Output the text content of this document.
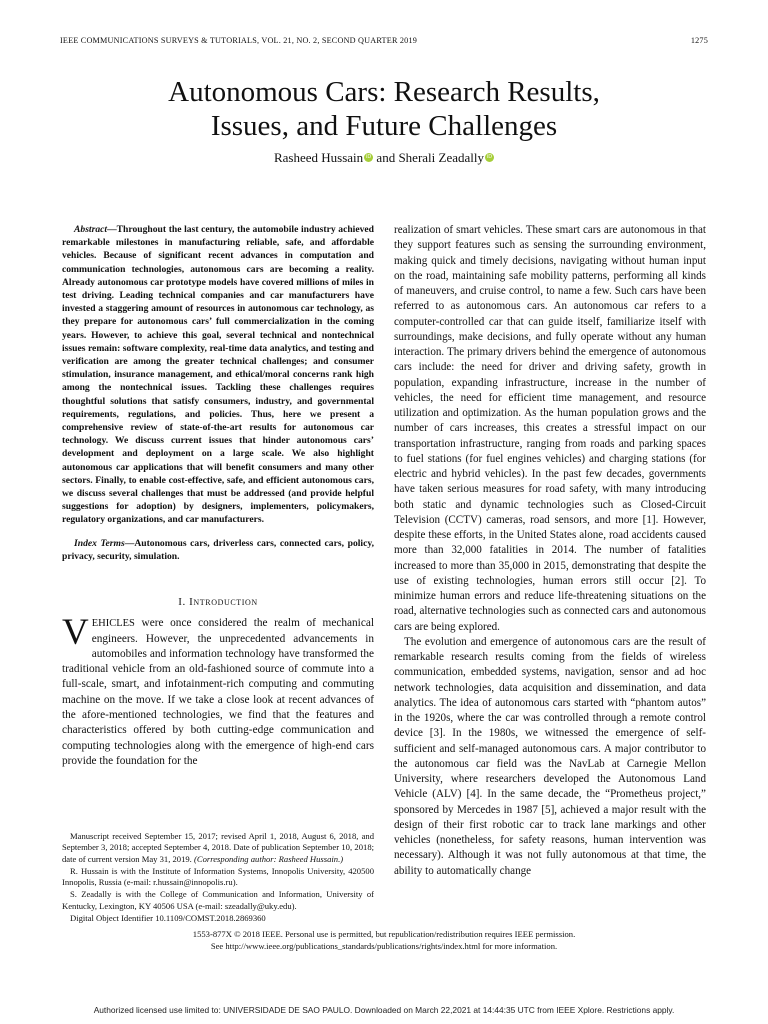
IEEE COMMUNICATIONS SURVEYS & TUTORIALS, VOL. 21, NO. 2, SECOND QUARTER 2019	1275
Autonomous Cars: Research Results,
Issues, and Future Challenges
Rasheed Hussain iD and Sherali Zeadally iD

Abstract—Throughout the last century, the automobile industry achieved remarkable milestones in manufacturing reliable, safe, and affordable vehicles. Because of significant recent advances in computation and communication technologies, autonomous cars are becoming a reality. Already autonomous car prototype models have covered millions of miles in test driving. Leading technical companies and car manufacturers have invested a staggering amount of resources in autonomous car technology, as they prepare for autonomous cars’ full commercialization in the coming years. However, to achieve this goal, several technical and nontechnical issues remain: software complexity, real-time data analytics, and testing and verification are among the greater technical challenges; and consumer stimulation, insurance management, and ethical/moral concerns rank high among the nontechnical issues. Tackling these challenges requires thoughtful solutions that satisfy consumers, industry, and governmental requirements, regulations, and policies. Thus, here we present a comprehensive review of state-of-the-art results for autonomous car technology. We discuss current issues that hinder autonomous cars’ development and deployment on a large scale. We also highlight autonomous car applications that will benefit consumers and many other sectors. Finally, to enable cost-effective, safe, and efficient autonomous cars, we discuss several challenges that must be addressed (and provide helpful suggestions for adoption) by designers, implementers, policymakers, regulatory organizations, and car manufacturers.

Index Terms—Autonomous cars, driverless cars, connected cars, policy, privacy, security, simulation.

I. Introduction

VEHICLES were once considered the realm of mechanical engineers. However, the unprecedented advancements in automobiles and information technology have transformed the traditional vehicle from an old-fashioned source of commute into a full-scale, smart, and infotainment-rich computing and commuting machine on the move. If we take a close look at recent advances of the afore-mentioned technologies, we find that the features and characteristics offered by both cutting-edge communication and computing technologies along with the emergence of high-end cars provide the foundation for the

Manuscript received September 15, 2017; revised April 1, 2018, August 6, 2018, and September 3, 2018; accepted September 4, 2018. Date of publication September 10, 2018; date of current version May 31, 2019. (Corresponding author: Rasheed Hussain.)

R. Hussain is with the Institute of Information Systems, Innopolis University, 420500 Innopolis, Russia (e-mail: r.hussain@innopolis.ru).

S. Zeadally is with the College of Communication and Information, University of Kentucky, Lexington, KY 40506 USA (e-mail: szeadally@uky.edu).

Digital Object Identifier 10.1109/COMST.2018.2869360

realization of smart vehicles. These smart cars are autonomous in that they support features such as sensing the surrounding environment, making quick and timely decisions, navigating without human input on the road, maintaining safe mobility patterns, performing all kinds of maneuvers, and cruise control, to name a few. Such cars have been referred to as autonomous cars. An autonomous car refers to a computer-controlled car that can guide itself, familiarize itself with surroundings, make decisions, and fully operate without any human interaction. The primary drivers behind the emergence of autonomous cars include: the need for driver and driving safety, growth in population, expanding infrastructure, increase in the number of vehicles, the need for efficient time management, and resource utilization and optimization. As the human population grows and the number of cars increases, this creates a stressful impact on our transportation infrastructure, ranging from roads and parking spaces to fuel stations (for fuel engines vehicles) and charging stations (for electric and hybrid vehicles). In the past few decades, governments have taken serious measures for road safety, with many introducing both static and dynamic technologies such as Closed-Circuit Television (CCTV) cameras, road sensors, and more [1]. However, despite these efforts, in the United States alone, road accidents caused more than 32,000 fatalities in 2014. The number of fatalities increased to more than 35,000 in 2015, demonstrating that despite the use of existing technologies, human errors still occur [2]. To minimize human errors and reduce life-threatening situations on the road, alternative technologies such as connected cars and autonomous cars are being explored.

The evolution and emergence of autonomous cars are the result of remarkable research results coming from the fields of wireless communication, embedded systems, navigation, sensor and ad hoc network technologies, data acquisition and dissemination, and data analytics. The idea of autonomous cars started with “phantom autos” in the 1920s, where the car was controlled through a remote control device [3]. In the 1980s, we witnessed the emergence of self-sufficient and self-managed autonomous cars. A major contributor to the autonomous car field was the NavLab at Carnegie Mellon University, where researchers developed the Autonomous Land Vehicle (ALV) [4]. In the same decade, the “Prometheus project,” sponsored by Mercedes in 1987 [5], achieved a major result with the design of their first robotic car to track lane markings and other vehicles (nonetheless, for safety reasons, human intervention was necessary). Although it was not fully autonomous at that time, the ability to automatically change

1553-877X © 2018 IEEE. Personal use is permitted, but republication/redistribution requires IEEE permission.
See http://www.ieee.org/publications_standards/publications/rights/index.html for more information.
Authorized licensed use limited to: UNIVERSIDADE DE SAO PAULO. Downloaded on March 22,2021 at 14:44:35 UTC from IEEE Xplore. Restrictions apply.
